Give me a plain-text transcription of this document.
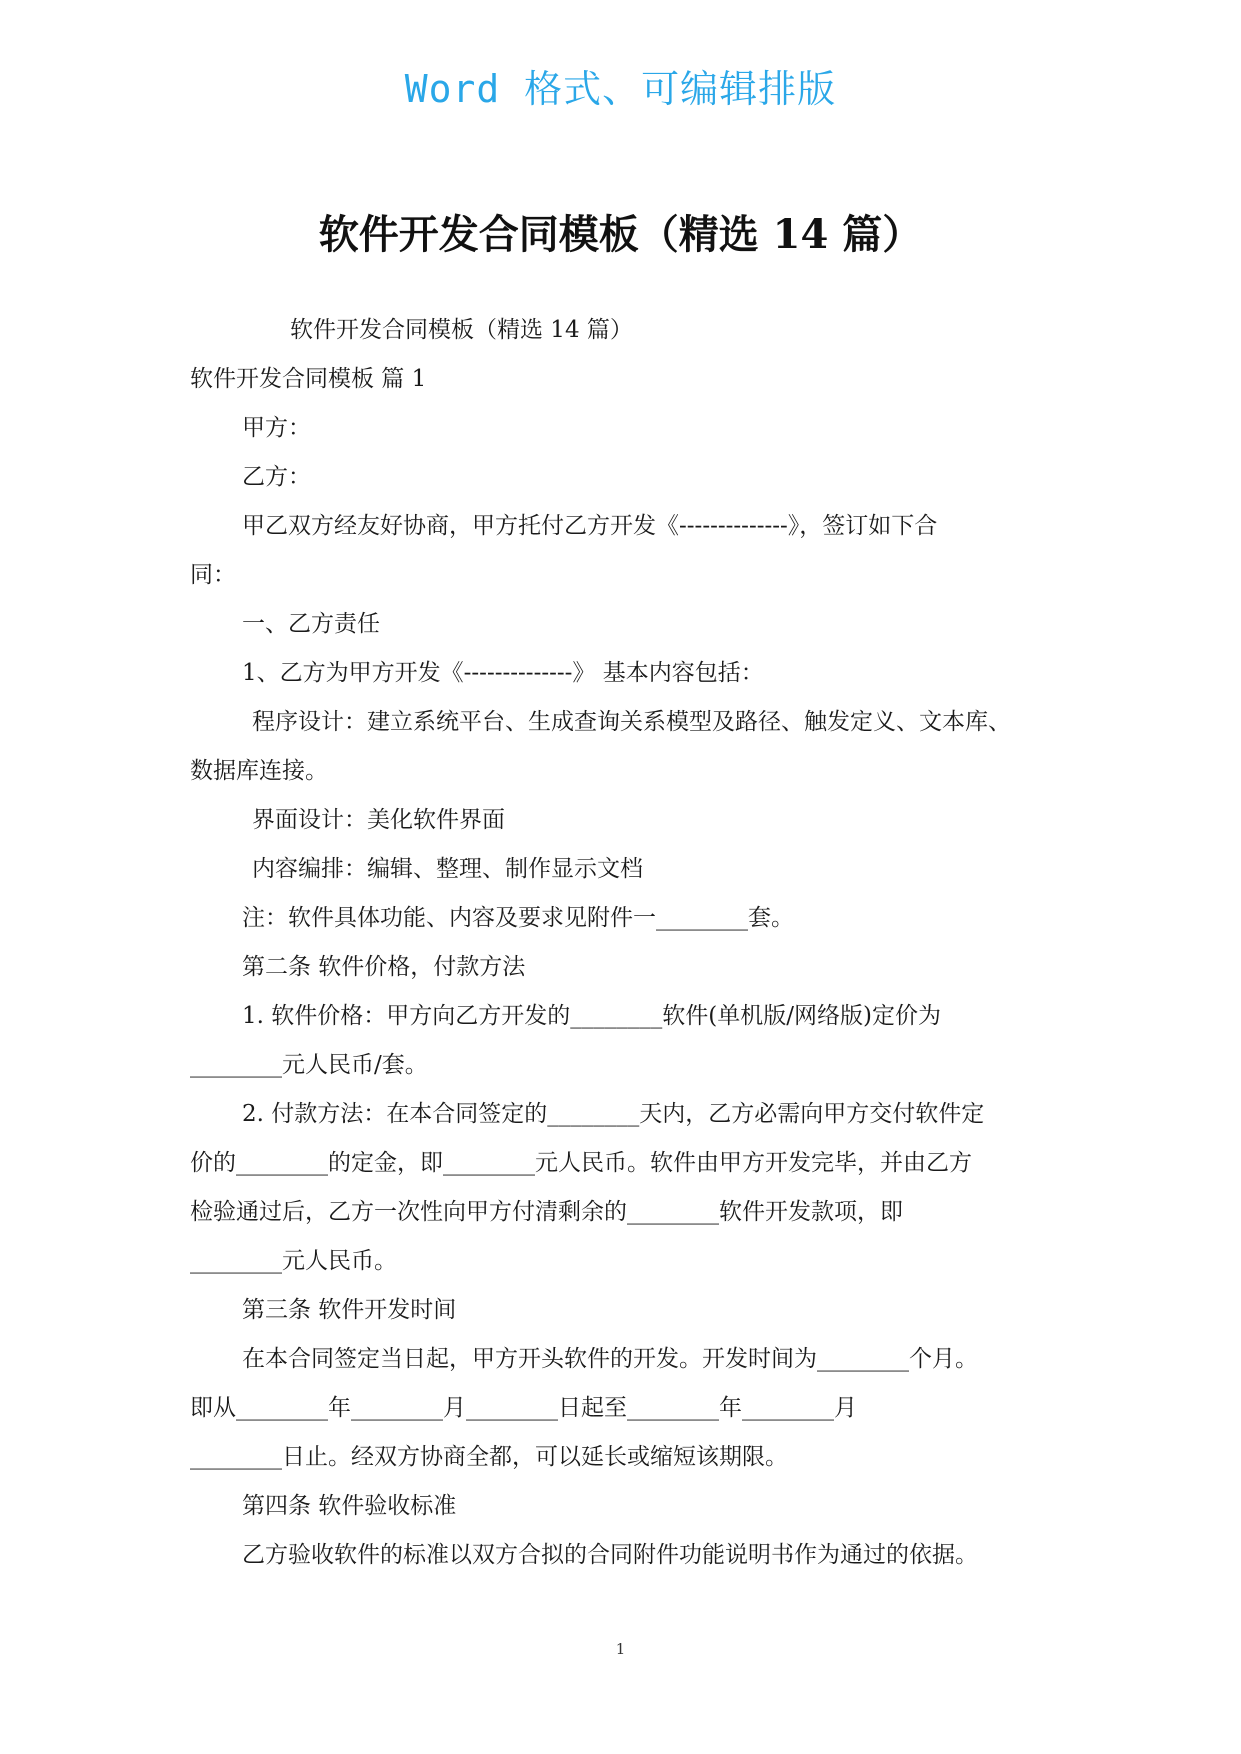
Word 格式、可编辑排版
软件开发合同模板（精选 14 篇）

软件开发合同模板（精选 14 篇）

软件开发合同模板 篇 1

甲方：

乙方：

甲乙双方经友好协商，甲方托付乙方开发《--------------》，签订如下合

同：

一、乙方责任

1、乙方为甲方开发《--------------》 基本内容包括：

程序设计：建立系统平台、生成查询关系模型及路径、触发定义、文本库、

数据库连接。

界面设计：美化软件界面

内容编排：编辑、整理、制作显示文档

注：软件具体功能、内容及要求见附件一________套。

第二条 软件价格，付款方法

1. 软件价格：甲方向乙方开发的________软件(单机版/网络版)定价为

________元人民币/套。

2. 付款方法：在本合同签定的________天内，乙方必需向甲方交付软件定

价的________的定金，即________元人民币。软件由甲方开发完毕，并由乙方

检验通过后，乙方一次性向甲方付清剩余的________软件开发款项，即

________元人民币。

第三条 软件开发时间

在本合同签定当日起，甲方开头软件的开发。开发时间为________个月。

即从________年________月________日起至________年________月

________日止。经双方协商全都，可以延长或缩短该期限。

第四条 软件验收标准

乙方验收软件的标准以双方合拟的合同附件功能说明书作为通过的依据。

1
